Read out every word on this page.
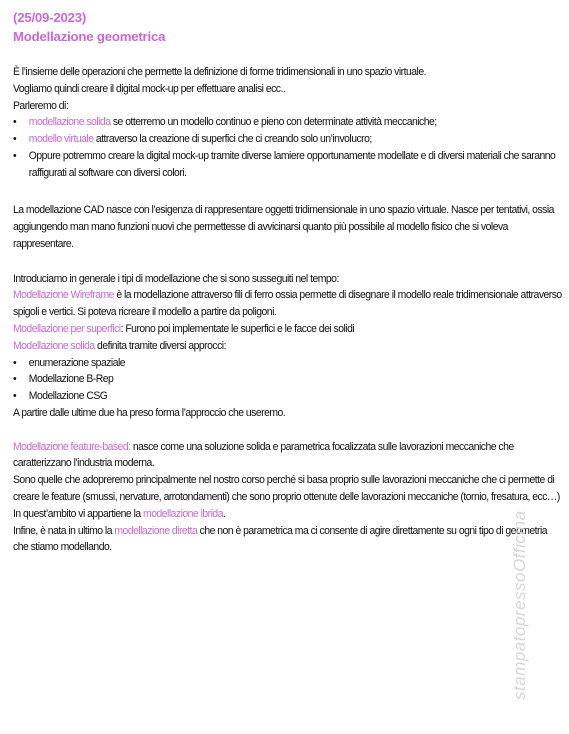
(25/09-2023)
Modellazione geometrica
È l’insieme delle operazioni che permette la definizione di forme tridimensionali in uno spazio virtuale.
Vogliamo quindi creare il digital mock-up per effettuare analisi ecc..
Parleremo di:
• modellazione solida se otterremo un modello continuo e pieno con determinate attività meccaniche;
• modello virtuale attraverso la creazione di superfici che ci creando solo un’involucro;
• Oppure potremmo creare la digital mock-up tramite diverse lamiere opportunamente modellate e di diversi materiali che saranno raffigurati al software con diversi colori.
La modellazione CAD nasce con l’esigenza di rappresentare oggetti tridimensionale in uno spazio virtuale. Nasce per tentativi, ossia aggiungendo man mano funzioni nuovi che permettesse di avvicinarsi quanto più possibile al modello fisico che si voleva rappresentare.
Introduciamo in generale i tipi di modellazione che si sono susseguiti nel tempo:
Modellazione Wireframe è la modellazione attraverso fili di ferro ossia permette di disegnare il modello reale tridimensionale attraverso spigoli e vertici. Si poteva ricreare il modello a partire da poligoni.
Modellazione per superfici: Furono poi implementate le superfici e le facce dei solidi
Modellazione solida definita tramite diversi approcci:
• enumerazione spaziale
• Modellazione B-Rep
• Modellazione CSG
A partire dalle ultime due ha preso forma l’approccio che useremo.
Modellazione feature-based: nasce come una soluzione solida e parametrica focalizzata sulle lavorazioni meccaniche che caratterizzano l’industria moderna.
Sono quelle che adopreremo principalmente nel nostro corso perché si basa proprio sulle lavorazioni meccaniche che ci permette di creare le feature (smussi, nervature, arrotondamenti) che sono proprio ottenute delle lavorazioni meccaniche (tornio, fresatura, ecc…)
In quest’ambito vi appartiene la modellazione ibrida.
Infine, è nata in ultimo la modellazione diretta che non è parametrica ma ci consente di agire direttamente su ogni tipo di geometria che stiamo modellando.	stampatopressoOfficina
